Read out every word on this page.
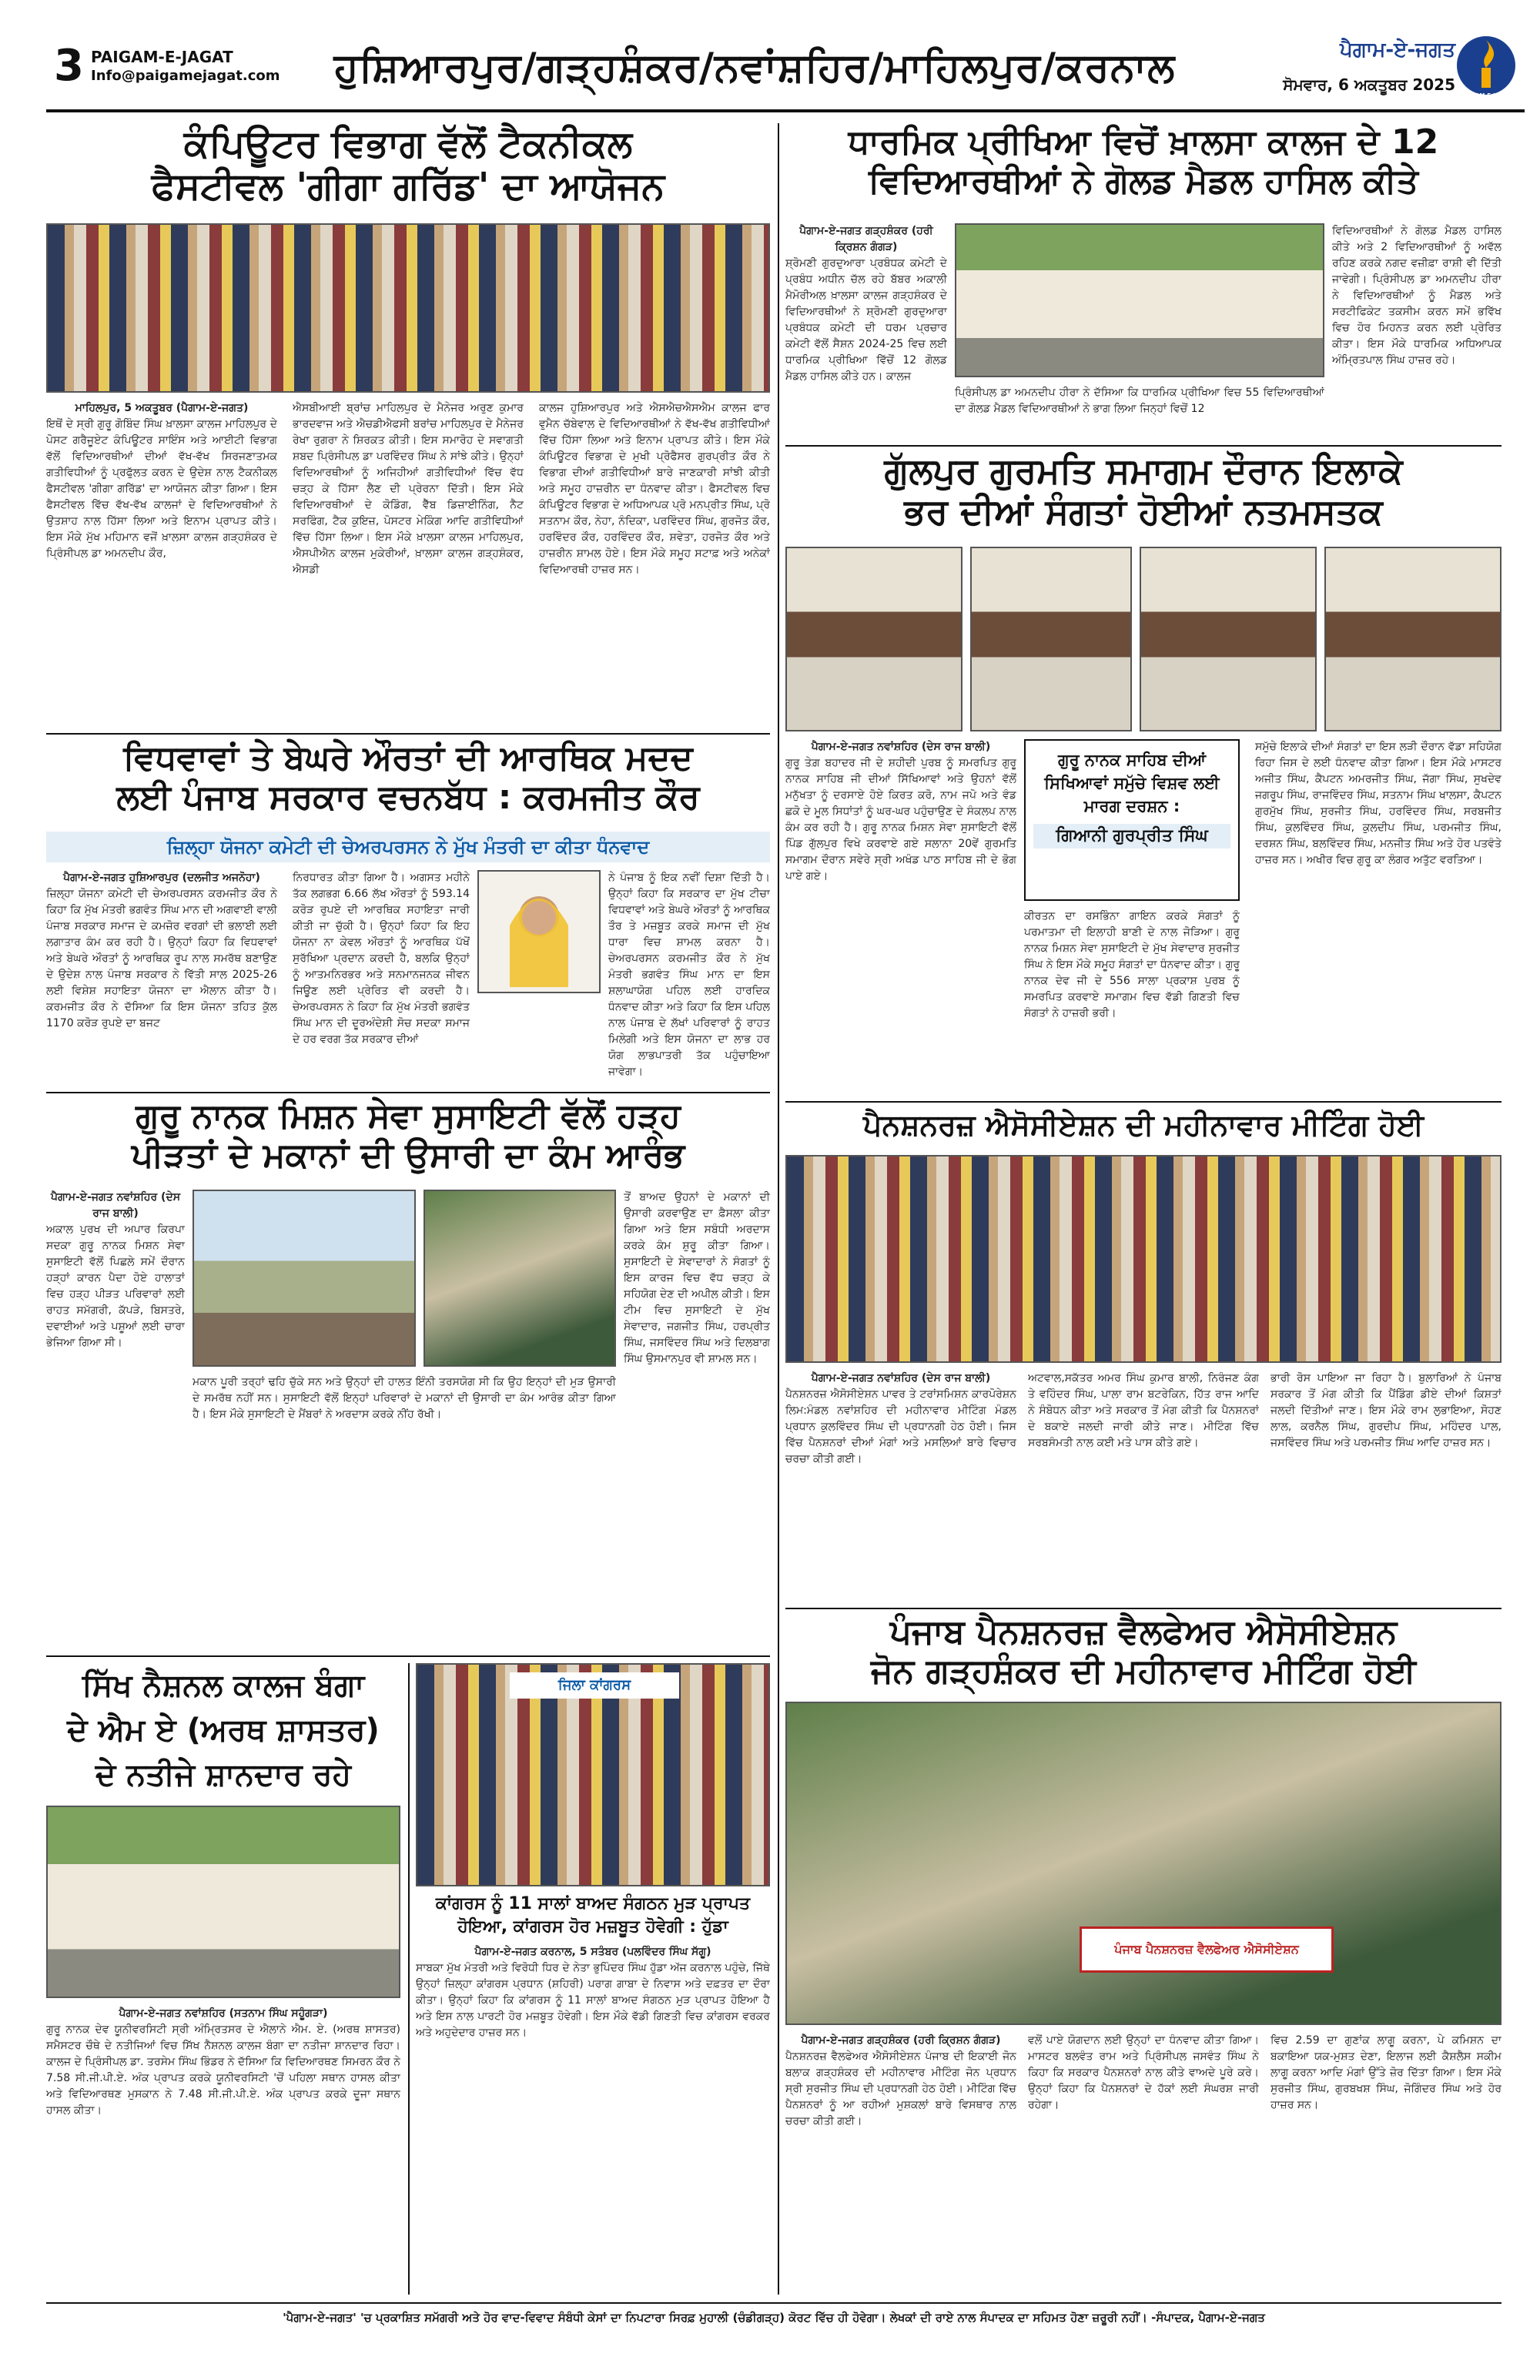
3 PAIGAM-E-JAGAT
Info@paigamejagat.com	ਹੁਸ਼ਿਆਰਪੁਰ/ਗੜ੍ਹਸ਼ੰਕਰ/ਨਵਾਂਸ਼ਹਿਰ/ਮਾਹਿਲਪੁਰ/ਕਰਨਾਲ	ਪੈਗਾਮ-ਏ-ਜਗਤ
ਸੋਮਵਾਰ, 6 ਅਕਤੂਬਰ 2025
PAIGAM-E-JAGAT
ਕੰਪਿਊਟਰ ਵਿਭਾਗ ਵੱਲੋਂ ਟੈਕਨੀਕਲ
ਫੈਸਟੀਵਲ 'ਗੀਗਾ ਗਰਿੱਡ' ਦਾ ਆਯੋਜਨ
ਮਾਹਿਲਪੁਰ, 5 ਅਕਤੂਬਰ (ਪੈਗਾਮ-ਏ-ਜਗਤ)
ਇਥੋਂ ਦੇ ਸ੍ਰੀ ਗੁਰੂ ਗੋਬਿੰਦ ਸਿੰਘ ਖ਼ਾਲਸਾ ਕਾਲਜ ਮਾਹਿਲਪੁਰ ਦੇ ਪੋਸਟ ਗਰੈਜੂਏਟ ਕੰਪਿਊਟਰ ਸਾਇੰਸ ਅਤੇ ਆਈਟੀ ਵਿਭਾਗ ਵੱਲੋਂ ਵਿਦਿਆਰਥੀਆਂ ਦੀਆਂ ਵੱਖ-ਵੱਖ ਸਿਰਜਣਾਤਮਕ ਗਤੀਵਿਧੀਆਂ ਨੂੰ ਪ੍ਰਫੁੱਲਤ ਕਰਨ ਦੇ ਉਦੇਸ਼ ਨਾਲ ਟੈਕਨੀਕਲ ਫੈਸਟੀਵਲ 'ਗੀਗਾ ਗਰਿੱਡ' ਦਾ ਆਯੋਜਨ ਕੀਤਾ ਗਿਆ। ਇਸ ਫੈਸਟੀਵਲ ਵਿੱਚ ਵੱਖ-ਵੱਖ ਕਾਲਜਾਂ ਦੇ ਵਿਦਿਆਰਥੀਆਂ ਨੇ ਉਤਸ਼ਾਹ ਨਾਲ ਹਿੱਸਾ ਲਿਆ ਅਤੇ ਇਨਾਮ ਪ੍ਰਾਪਤ ਕੀਤੇ। ਇਸ ਮੌਕੇ ਮੁੱਖ ਮਹਿਮਾਨ ਵਜੋਂ ਖ਼ਾਲਸਾ ਕਾਲਜ ਗੜ੍ਹਸ਼ੰਕਰ ਦੇ ਪ੍ਰਿੰਸੀਪਲ ਡਾ ਅਮਨਦੀਪ ਕੌਰ,
ਐਸਬੀਆਈ ਬ੍ਰਾਂਚ ਮਾਹਿਲਪੁਰ ਦੇ ਮੈਨੇਜਰ ਅਰੁਣ ਕੁਮਾਰ ਭਾਰਦਵਾਜ ਅਤੇ ਐਚਡੀਐਫਸੀ ਬਰਾਂਚ ਮਾਹਿਲਪੁਰ ਦੇ ਮੈਨੇਜਰ ਰੇਖਾ ਰੁਗਰਾ ਨੇ ਸ਼ਿਰਕਤ ਕੀਤੀ। ਇਸ ਸਮਾਰੋਹ ਦੇ ਸਵਾਗਤੀ ਸ਼ਬਦ ਪ੍ਰਿੰਸੀਪਲ ਡਾ ਪਰਵਿੰਦਰ ਸਿੰਘ ਨੇ ਸਾਂਝੇ ਕੀਤੇ। ਉਨ੍ਹਾਂ ਵਿਦਿਆਰਥੀਆਂ ਨੂੰ ਅਜਿਹੀਆਂ ਗਤੀਵਿਧੀਆਂ ਵਿੱਚ ਵੱਧ ਚੜ੍ਹ ਕੇ ਹਿੱਸਾ ਲੈਣ ਦੀ ਪ੍ਰੇਰਨਾ ਦਿੱਤੀ। ਇਸ ਮੌਕੇ ਵਿਦਿਆਰਥੀਆਂ ਦੇ ਕੋਡਿੰਗ, ਵੈੱਬ ਡਿਜ਼ਾਈਨਿੰਗ, ਨੈਟ ਸਰਫਿੰਗ, ਟੈਕ ਕੁਇਜ਼, ਪੋਸਟਰ ਮੇਕਿੰਗ ਆਦਿ ਗਤੀਵਿਧੀਆਂ ਵਿੱਚ ਹਿੱਸਾ ਲਿਆ। ਇਸ ਮੌਕੇ ਖ਼ਾਲਸਾ ਕਾਲਜ ਮਾਹਿਲਪੁਰ, ਐਸਪੀਐਨ ਕਾਲਜ ਮੁਕੇਰੀਆਂ, ਖ਼ਾਲਸਾ ਕਾਲਜ ਗੜ੍ਹਸ਼ੰਕਰ, ਐਸਡੀ
ਕਾਲਜ ਹੁਸ਼ਿਆਰਪੁਰ ਅਤੇ ਐਸਐਚਐਸਐਮ ਕਾਲਜ ਫਾਰ ਵੁਮੈਨ ਚੱਬੇਵਾਲ ਦੇ ਵਿਦਿਆਰਥੀਆਂ ਨੇ ਵੱਖ-ਵੱਖ ਗਤੀਵਿਧੀਆਂ ਵਿੱਚ ਹਿੱਸਾ ਲਿਆ ਅਤੇ ਇਨਾਮ ਪ੍ਰਾਪਤ ਕੀਤੇ। ਇਸ ਮੌਕੇ ਕੰਪਿਊਟਰ ਵਿਭਾਗ ਦੇ ਮੁਖੀ ਪ੍ਰੋਫੈਸਰ ਗੁਰਪ੍ਰੀਤ ਕੌਰ ਨੇ ਵਿਭਾਗ ਦੀਆਂ ਗਤੀਵਿਧੀਆਂ ਬਾਰੇ ਜਾਣਕਾਰੀ ਸਾਂਝੀ ਕੀਤੀ ਅਤੇ ਸਮੂਹ ਹਾਜ਼ਰੀਨ ਦਾ ਧੰਨਵਾਦ ਕੀਤਾ। ਫੈਸਟੀਵਲ ਵਿਚ ਕੰਪਿਊਟਰ ਵਿਭਾਗ ਦੇ ਅਧਿਆਪਕ ਪ੍ਰੋ ਮਨਪ੍ਰੀਤ ਸਿੰਘ, ਪ੍ਰੋ ਸਤਨਾਮ ਕੌਰ, ਨੇਹਾ, ਨੰਦਿਕਾ, ਪਰਵਿੰਦਰ ਸਿੰਘ, ਗੁਰਜੋਤ ਕੌਰ, ਹਰਵਿੰਦਰ ਕੌਰ, ਹਰਵਿੰਦਰ ਕੌਰ, ਸ਼ਵੇਤਾ, ਹਰਜੋਤ ਕੌਰ ਅਤੇ ਹਾਜ਼ਰੀਨ ਸ਼ਾਮਲ ਹੋਏ। ਇਸ ਮੌਕੇ ਸਮੂਹ ਸਟਾਫ਼ ਅਤੇ ਅਨੇਕਾਂ ਵਿਦਿਆਰਥੀ ਹਾਜ਼ਰ ਸਨ।
ਧਾਰਮਿਕ ਪ੍ਰੀਖਿਆ ਵਿਚੋਂ ਖ਼ਾਲਸਾ ਕਾਲਜ ਦੇ 12
ਵਿਦਿਆਰਥੀਆਂ ਨੇ ਗੋਲਡ ਮੈਡਲ ਹਾਸਿਲ ਕੀਤੇ
ਪੈਗਾਮ-ਏ-ਜਗਤ ਗੜ੍ਹਸ਼ੰਕਰ (ਹਰੀ ਕ੍ਰਿਸ਼ਨ ਗੰਗੜ)
ਸ਼੍ਰੋਮਣੀ ਗੁਰਦੁਆਰਾ ਪ੍ਰਬੰਧਕ ਕਮੇਟੀ ਦੇ ਪ੍ਰਬੰਧ ਅਧੀਨ ਚੱਲ ਰਹੇ ਬੱਬਰ ਅਕਾਲੀ ਮੈਮੋਰੀਅਲ ਖ਼ਾਲਸਾ ਕਾਲਜ ਗੜ੍ਹਸ਼ੰਕਰ ਦੇ ਵਿਦਿਆਰਥੀਆਂ ਨੇ ਸ਼੍ਰੋਮਣੀ ਗੁਰਦੁਆਰਾ ਪ੍ਰਬੰਧਕ ਕਮੇਟੀ ਦੀ ਧਰਮ ਪ੍ਰਚਾਰ ਕਮੇਟੀ ਵੱਲੋਂ ਸੈਸ਼ਨ 2024-25 ਵਿਚ ਲਈ ਧਾਰਮਿਕ ਪ੍ਰੀਖਿਆ ਵਿੱਚੋਂ 12 ਗੋਲਡ ਮੈਡਲ ਹਾਸਿਲ ਕੀਤੇ ਹਨ। ਕਾਲਜ
ਪ੍ਰਿੰਸੀਪਲ ਡਾ ਅਮਨਦੀਪ ਹੀਰਾ ਨੇ ਦੱਸਿਆ ਕਿ ਧਾਰਮਿਕ ਪ੍ਰੀਖਿਆ ਵਿਚ 55 ਵਿਦਿਆਰਥੀਆਂ ਦਾ ਗੋਲਡ ਮੈਡਲ ਵਿਦਿਆਰਥੀਆਂ ਨੇ ਭਾਗ ਲਿਆ ਜਿਨ੍ਹਾਂ ਵਿਚੋਂ 12
ਵਿਦਿਆਰਥੀਆਂ ਨੇ ਗੋਲਡ ਮੈਡਲ ਹਾਸਿਲ ਕੀਤੇ ਅਤੇ 2 ਵਿਦਿਆਰਥੀਆਂ ਨੂੰ ਅਵੱਲ ਰਹਿਣ ਕਰਕੇ ਨਗਦ ਵਜ਼ੀਫ਼ਾ ਰਾਸ਼ੀ ਵੀ ਦਿੱਤੀ ਜਾਵੇਗੀ। ਪ੍ਰਿੰਸੀਪਲ ਡਾ ਅਮਨਦੀਪ ਹੀਰਾ ਨੇ ਵਿਦਿਆਰਥੀਆਂ ਨੂੰ ਮੈਡਲ ਅਤੇ ਸਰਟੀਫਿਕੇਟ ਤਕਸੀਮ ਕਰਨ ਸਮੇਂ ਭਵਿੱਖ ਵਿਚ ਹੋਰ ਮਿਹਨਤ ਕਰਨ ਲਈ ਪ੍ਰੇਰਿਤ ਕੀਤਾ। ਇਸ ਮੌਕੇ ਧਾਰਮਿਕ ਅਧਿਆਪਕ ਅੰਮ੍ਰਿਤਪਾਲ ਸਿੰਘ ਹਾਜ਼ਰ ਰਹੇ।
ਗੁੱਲਪੁਰ ਗੁਰਮਤਿ ਸਮਾਗਮ ਦੌਰਾਨ ਇਲਾਕੇ
ਭਰ ਦੀਆਂ ਸੰਗਤਾਂ ਹੋਈਆਂ ਨਤਮਸਤਕ
ਪੈਗਾਮ-ਏ-ਜਗਤ ਨਵਾਂਸ਼ਹਿਰ (ਦੇਸ ਰਾਜ ਬਾਲੀ)
ਗੁਰੂ ਤੇਗ਼ ਬਹਾਦਰ ਜੀ ਦੇ ਸ਼ਹੀਦੀ ਪੁਰਬ ਨੂੰ ਸਮਰਪਿਤ ਗੁਰੂ ਨਾਨਕ ਸਾਹਿਬ ਜੀ ਦੀਆਂ ਸਿੱਖਿਆਵਾਂ ਅਤੇ ਉਹਨਾਂ ਵੱਲੋਂ ਮਨੁੱਖਤਾ ਨੂੰ ਦਰਸਾਏ ਹੋਏ ਕਿਰਤ ਕਰੋ, ਨਾਮ ਜਪੋ ਅਤੇ ਵੰਡ ਛਕੋ ਦੇ ਮੂਲ ਸਿਧਾਂਤਾਂ ਨੂੰ ਘਰ-ਘਰ ਪਹੁੰਚਾਉਣ ਦੇ ਸੰਕਲਪ ਨਾਲ ਕੰਮ ਕਰ ਰਹੀ ਹੈ। ਗੁਰੂ ਨਾਨਕ ਮਿਸ਼ਨ ਸੇਵਾ ਸੁਸਾਇਟੀ ਵੱਲੋਂ ਪਿੰਡ ਗੁੱਲਪੁਰ ਵਿਖੇ ਕਰਵਾਏ ਗਏ ਸਲਾਨਾ 20ਵੇਂ ਗੁਰਮਤਿ ਸਮਾਗਮ ਦੌਰਾਨ ਸਵੇਰੇ ਸ੍ਰੀ ਅਖੰਡ ਪਾਠ ਸਾਹਿਬ ਜੀ ਦੇ ਭੋਗ ਪਾਏ ਗਏ।
ਗੁਰੂ ਨਾਨਕ ਸਾਹਿਬ ਦੀਆਂ ਸਿਖਿਆਵਾਂ ਸਮੁੱਚੇ ਵਿਸ਼ਵ ਲਈ ਮਾਰਗ ਦਰਸ਼ਨ :
ਗਿਆਨੀ ਗੁਰਪ੍ਰੀਤ ਸਿੰਘ
ਕੀਰਤਨ ਦਾ ਰਸਭਿੰਨਾ ਗਾਇਨ ਕਰਕੇ ਸੰਗਤਾਂ ਨੂੰ ਪਰਮਾਤਮਾ ਦੀ ਇਲਾਹੀ ਬਾਣੀ ਦੇ ਨਾਲ ਜੋੜਿਆ। ਗੁਰੂ ਨਾਨਕ ਮਿਸ਼ਨ ਸੇਵਾ ਸੁਸਾਇਟੀ ਦੇ ਮੁੱਖ ਸੇਵਾਦਾਰ ਸੁਰਜੀਤ ਸਿੰਘ ਨੇ ਇਸ ਮੌਕੇ ਸਮੂਹ ਸੰਗਤਾਂ ਦਾ ਧੰਨਵਾਦ ਕੀਤਾ। ਗੁਰੂ ਨਾਨਕ ਦੇਵ ਜੀ ਦੇ 556 ਸਾਲਾ ਪ੍ਰਕਾਸ਼ ਪੁਰਬ ਨੂੰ ਸਮਰਪਿਤ ਕਰਵਾਏ ਸਮਾਗਮ ਵਿਚ ਵੱਡੀ ਗਿਣਤੀ ਵਿਚ ਸੰਗਤਾਂ ਨੇ ਹਾਜ਼ਰੀ ਭਰੀ।
ਸਮੁੱਚੇ ਇਲਾਕੇ ਦੀਆਂ ਸੰਗਤਾਂ ਦਾ ਇਸ ਲੜੀ ਦੌਰਾਨ ਵੱਡਾ ਸਹਿਯੋਗ ਰਿਹਾ ਜਿਸ ਦੇ ਲਈ ਧੰਨਵਾਦ ਕੀਤਾ ਗਿਆ। ਇਸ ਮੌਕੇ ਮਾਸਟਰ ਅਜੀਤ ਸਿੰਘ, ਕੈਪਟਨ ਅਮਰਜੀਤ ਸਿੰਘ, ਜੱਗਾ ਸਿੰਘ, ਸੁਖਦੇਵ ਜਗਰੂਪ ਸਿੰਘ, ਰਾਜਵਿੰਦਰ ਸਿੰਘ, ਸਤਨਾਮ ਸਿੰਘ ਖਾਲਸਾ, ਕੈਪਟਨ ਗੁਰਮੁੱਖ ਸਿੰਘ, ਸੁਰਜੀਤ ਸਿੰਘ, ਹਰਵਿੰਦਰ ਸਿੰਘ, ਸਰਬਜੀਤ ਸਿੰਘ, ਕੁਲਵਿੰਦਰ ਸਿੰਘ, ਕੁਲਦੀਪ ਸਿੰਘ, ਪਰਮਜੀਤ ਸਿੰਘ, ਦਰਸ਼ਨ ਸਿੰਘ, ਬਲਵਿੰਦਰ ਸਿੰਘ, ਮਨਜੀਤ ਸਿੰਘ ਅਤੇ ਹੋਰ ਪਤਵੰਤੇ ਹਾਜ਼ਰ ਸਨ। ਅਖੀਰ ਵਿਚ ਗੁਰੂ ਕਾ ਲੰਗਰ ਅਤੁੱਟ ਵਰਤਿਆ।
ਵਿਧਵਾਵਾਂ ਤੇ ਬੇਘਰੇ ਔਰਤਾਂ ਦੀ ਆਰਥਿਕ ਮਦਦ
ਲਈ ਪੰਜਾਬ ਸਰਕਾਰ ਵਚਨਬੱਧ : ਕਰਮਜੀਤ ਕੌਰ
ਜ਼ਿਲ੍ਹਾ ਯੋਜਨਾ ਕਮੇਟੀ ਦੀ ਚੇਅਰਪਰਸਨ ਨੇ ਮੁੱਖ ਮੰਤਰੀ ਦਾ ਕੀਤਾ ਧੰਨਵਾਦ
ਪੈਗਾਮ-ਏ-ਜਗਤ ਹੁਸ਼ਿਆਰਪੁਰ (ਦਲਜੀਤ ਅਜਨੋਹਾ)
ਜ਼ਿਲ੍ਹਾ ਯੋਜਨਾ ਕਮੇਟੀ ਦੀ ਚੇਅਰਪਰਸਨ ਕਰਮਜੀਤ ਕੌਰ ਨੇ ਕਿਹਾ ਕਿ ਮੁੱਖ ਮੰਤਰੀ ਭਗਵੰਤ ਸਿੰਘ ਮਾਨ ਦੀ ਅਗਵਾਈ ਵਾਲੀ ਪੰਜਾਬ ਸਰਕਾਰ ਸਮਾਜ ਦੇ ਕਮਜ਼ੋਰ ਵਰਗਾਂ ਦੀ ਭਲਾਈ ਲਈ ਲਗਾਤਾਰ ਕੰਮ ਕਰ ਰਹੀ ਹੈ। ਉਨ੍ਹਾਂ ਕਿਹਾ ਕਿ ਵਿਧਵਾਵਾਂ ਅਤੇ ਬੇਘਰੇ ਔਰਤਾਂ ਨੂੰ ਆਰਥਿਕ ਰੂਪ ਨਾਲ ਸਮਰੱਥ ਬਣਾਉਣ ਦੇ ਉਦੇਸ਼ ਨਾਲ ਪੰਜਾਬ ਸਰਕਾਰ ਨੇ ਵਿੱਤੀ ਸਾਲ 2025-26 ਲਈ ਵਿਸ਼ੇਸ਼ ਸਹਾਇਤਾ ਯੋਜਨਾ ਦਾ ਐਲਾਨ ਕੀਤਾ ਹੈ। ਕਰਮਜੀਤ ਕੌਰ ਨੇ ਦੱਸਿਆ ਕਿ ਇਸ ਯੋਜਨਾ ਤਹਿਤ ਕੁੱਲ 1170 ਕਰੋੜ ਰੁਪਏ ਦਾ ਬਜਟ
ਨਿਰਧਾਰਤ ਕੀਤਾ ਗਿਆ ਹੈ। ਅਗਸਤ ਮਹੀਨੇ ਤੱਕ ਲਗਭਗ 6.66 ਲੱਖ ਔਰਤਾਂ ਨੂੰ 593.14 ਕਰੋੜ ਰੁਪਏ ਦੀ ਆਰਥਿਕ ਸਹਾਇਤਾ ਜਾਰੀ ਕੀਤੀ ਜਾ ਚੁੱਕੀ ਹੈ। ਉਨ੍ਹਾਂ ਕਿਹਾ ਕਿ ਇਹ ਯੋਜਨਾ ਨਾ ਕੇਵਲ ਔਰਤਾਂ ਨੂੰ ਆਰਥਿਕ ਪੱਖੋਂ ਸੁਰੱਖਿਆ ਪ੍ਰਦਾਨ ਕਰਦੀ ਹੈ, ਬਲਕਿ ਉਨ੍ਹਾਂ ਨੂੰ ਆਤਮਨਿਰਭਰ ਅਤੇ ਸਨਮਾਨਜਨਕ ਜੀਵਨ ਜਿਊਣ ਲਈ ਪ੍ਰੇਰਿਤ ਵੀ ਕਰਦੀ ਹੈ। ਚੇਅਰਪਰਸਨ ਨੇ ਕਿਹਾ ਕਿ ਮੁੱਖ ਮੰਤਰੀ ਭਗਵੰਤ ਸਿੰਘ ਮਾਨ ਦੀ ਦੂਰਅੰਦੇਸ਼ੀ ਸੋਚ ਸਦਕਾ ਸਮਾਜ ਦੇ ਹਰ ਵਰਗ ਤੱਕ ਸਰਕਾਰ ਦੀਆਂ
ਨੇ ਪੰਜਾਬ ਨੂੰ ਇਕ ਨਵੀਂ ਦਿਸ਼ਾ ਦਿੱਤੀ ਹੈ। ਉਨ੍ਹਾਂ ਕਿਹਾ ਕਿ ਸਰਕਾਰ ਦਾ ਮੁੱਖ ਟੀਚਾ ਵਿਧਵਾਵਾਂ ਅਤੇ ਬੇਘਰੇ ਔਰਤਾਂ ਨੂੰ ਆਰਥਿਕ ਤੌਰ ਤੇ ਮਜ਼ਬੂਤ ਕਰਕੇ ਸਮਾਜ ਦੀ ਮੁੱਖ ਧਾਰਾ ਵਿਚ ਸ਼ਾਮਲ ਕਰਨਾ ਹੈ। ਚੇਅਰਪਰਸਨ ਕਰਮਜੀਤ ਕੌਰ ਨੇ ਮੁੱਖ ਮੰਤਰੀ ਭਗਵੰਤ ਸਿੰਘ ਮਾਨ ਦਾ ਇਸ ਸ਼ਲਾਘਾਯੋਗ ਪਹਿਲ ਲਈ ਹਾਰਦਿਕ ਧੰਨਵਾਦ ਕੀਤਾ ਅਤੇ ਕਿਹਾ ਕਿ ਇਸ ਪਹਿਲ ਨਾਲ ਪੰਜਾਬ ਦੇ ਲੱਖਾਂ ਪਰਿਵਾਰਾਂ ਨੂੰ ਰਾਹਤ ਮਿਲੇਗੀ ਅਤੇ ਇਸ ਯੋਜਨਾ ਦਾ ਲਾਭ ਹਰ ਯੋਗ ਲਾਭਪਾਤਰੀ ਤੱਕ ਪਹੁੰਚਾਇਆ ਜਾਵੇਗਾ।
ਗੁਰੂ ਨਾਨਕ ਮਿਸ਼ਨ ਸੇਵਾ ਸੁਸਾਇਟੀ ਵੱਲੋਂ ਹੜ੍ਹ
ਪੀੜਤਾਂ ਦੇ ਮਕਾਨਾਂ ਦੀ ਉਸਾਰੀ ਦਾ ਕੰਮ ਆਰੰਭ
ਪੈਗਾਮ-ਏ-ਜਗਤ ਨਵਾਂਸ਼ਹਿਰ (ਦੇਸ ਰਾਜ ਬਾਲੀ)
ਅਕਾਲ ਪੁਰਖ ਦੀ ਅਪਾਰ ਕਿਰਪਾ ਸਦਕਾ ਗੁਰੂ ਨਾਨਕ ਮਿਸ਼ਨ ਸੇਵਾ ਸੁਸਾਇਟੀ ਵੱਲੋਂ ਪਿਛਲੇ ਸਮੇਂ ਦੌਰਾਨ ਹੜ੍ਹਾਂ ਕਾਰਨ ਪੈਦਾ ਹੋਏ ਹਾਲਾਤਾਂ ਵਿਚ ਹੜ੍ਹ ਪੀੜਤ ਪਰਿਵਾਰਾਂ ਲਈ ਰਾਹਤ ਸਮੱਗਰੀ, ਕੱਪੜੇ, ਬਿਸਤਰੇ, ਦਵਾਈਆਂ ਅਤੇ ਪਸ਼ੂਆਂ ਲਈ ਚਾਰਾ ਭੇਜਿਆ ਗਿਆ ਸੀ।
ਮਕਾਨ ਪੂਰੀ ਤਰ੍ਹਾਂ ਢਹਿ ਚੁੱਕੇ ਸਨ ਅਤੇ ਉਨ੍ਹਾਂ ਦੀ ਹਾਲਤ ਇੰਨੀ ਤਰਸਯੋਗ ਸੀ ਕਿ ਉਹ ਇਨ੍ਹਾਂ ਦੀ ਮੁੜ ਉਸਾਰੀ ਦੇ ਸਮਰੱਥ ਨਹੀਂ ਸਨ। ਸੁਸਾਇਟੀ ਵੱਲੋਂ ਇਨ੍ਹਾਂ ਪਰਿਵਾਰਾਂ ਦੇ ਮਕਾਨਾਂ ਦੀ ਉਸਾਰੀ ਦਾ ਕੰਮ ਆਰੰਭ ਕੀਤਾ ਗਿਆ ਹੈ। ਇਸ ਮੌਕੇ ਸੁਸਾਇਟੀ ਦੇ ਮੈਂਬਰਾਂ ਨੇ ਅਰਦਾਸ ਕਰਕੇ ਨੀਂਹ ਰੱਖੀ।
ਤੋਂ ਬਾਅਦ ਉਹਨਾਂ ਦੇ ਮਕਾਨਾਂ ਦੀ ਉਸਾਰੀ ਕਰਵਾਉਣ ਦਾ ਫ਼ੈਸਲਾ ਕੀਤਾ ਗਿਆ ਅਤੇ ਇਸ ਸਬੰਧੀ ਅਰਦਾਸ ਕਰਕੇ ਕੰਮ ਸ਼ੁਰੂ ਕੀਤਾ ਗਿਆ। ਸੁਸਾਇਟੀ ਦੇ ਸੇਵਾਦਾਰਾਂ ਨੇ ਸੰਗਤਾਂ ਨੂੰ ਇਸ ਕਾਰਜ ਵਿਚ ਵੱਧ ਚੜ੍ਹ ਕੇ ਸਹਿਯੋਗ ਦੇਣ ਦੀ ਅਪੀਲ ਕੀਤੀ। ਇਸ ਟੀਮ ਵਿਚ ਸੁਸਾਇਟੀ ਦੇ ਮੁੱਖ ਸੇਵਾਦਾਰ, ਜਗਜੀਤ ਸਿੰਘ, ਹਰਪ੍ਰੀਤ ਸਿੰਘ, ਜਸਵਿੰਦਰ ਸਿੰਘ ਅਤੇ ਦਿਲਬਾਗ ਸਿੰਘ ਉਸਮਾਨਪੁਰ ਵੀ ਸ਼ਾਮਲ ਸਨ।
ਸਿੱਖ ਨੈਸ਼ਨਲ ਕਾਲਜ ਬੰਗਾ
ਦੇ ਐਮ ਏ (ਅਰਥ ਸ਼ਾਸਤਰ)
ਦੇ ਨਤੀਜੇ ਸ਼ਾਨਦਾਰ ਰਹੇ
ਪੈਗਾਮ-ਏ-ਜਗਤ ਨਵਾਂਸ਼ਹਿਰ (ਸਤਨਾਮ ਸਿੰਘ ਸਹੂੰਗੜਾ)
ਗੁਰੂ ਨਾਨਕ ਦੇਵ ਯੂਨੀਵਰਸਿਟੀ ਸ੍ਰੀ ਅੰਮ੍ਰਿਤਸਰ ਦੇ ਐਲਾਨੇ ਐਮ. ਏ. (ਅਰਥ ਸ਼ਾਸਤਰ) ਸਮੈਸਟਰ ਚੌਥੇ ਦੇ ਨਤੀਜਿਆਂ ਵਿਚ ਸਿੱਖ ਨੈਸ਼ਨਲ ਕਾਲਜ ਬੰਗਾ ਦਾ ਨਤੀਜਾ ਸ਼ਾਨਦਾਰ ਰਿਹਾ। ਕਾਲਜ ਦੇ ਪ੍ਰਿੰਸੀਪਲ ਡਾ. ਤਰਸੇਮ ਸਿੰਘ ਭਿੰਡਰ ਨੇ ਦੱਸਿਆ ਕਿ ਵਿਦਿਆਰਥਣ ਸਿਮਰਨ ਕੌਰ ਨੇ 7.58 ਸੀ.ਜੀ.ਪੀ.ਏ. ਅੰਕ ਪ੍ਰਾਪਤ ਕਰਕੇ ਯੂਨੀਵਰਸਿਟੀ 'ਚੋਂ ਪਹਿਲਾ ਸਥਾਨ ਹਾਸਲ ਕੀਤਾ ਅਤੇ ਵਿਦਿਆਰਥਣ ਮੁਸਕਾਨ ਨੇ 7.48 ਸੀ.ਜੀ.ਪੀ.ਏ. ਅੰਕ ਪ੍ਰਾਪਤ ਕਰਕੇ ਦੂਜਾ ਸਥਾਨ ਹਾਸਲ ਕੀਤਾ।
ਜਿਲਾ ਕਾਂਗਰਸ
ਕਾਂਗਰਸ ਨੂੰ 11 ਸਾਲਾਂ ਬਾਅਦ ਸੰਗਠਨ ਮੁੜ ਪ੍ਰਾਪਤ
ਹੋਇਆ, ਕਾਂਗਰਸ ਹੋਰ ਮਜ਼ਬੂਤ ਹੋਵੇਗੀ : ਹੁੱਡਾ
ਪੈਗਾਮ-ਏ-ਜਗਤ ਕਰਨਾਲ, 5 ਸਤੰਬਰ (ਪਲਵਿੰਦਰ ਸਿੰਘ ਸੱਗੂ)
ਸਾਬਕਾ ਮੁੱਖ ਮੰਤਰੀ ਅਤੇ ਵਿਰੋਧੀ ਧਿਰ ਦੇ ਨੇਤਾ ਭੁਪਿੰਦਰ ਸਿੰਘ ਹੁੱਡਾ ਅੱਜ ਕਰਨਾਲ ਪਹੁੰਚੇ, ਜਿੱਥੇ ਉਨ੍ਹਾਂ ਜ਼ਿਲ੍ਹਾ ਕਾਂਗਰਸ ਪ੍ਰਧਾਨ (ਸ਼ਹਿਰੀ) ਪਰਾਗ ਗਾਬਾ ਦੇ ਨਿਵਾਸ ਅਤੇ ਦਫ਼ਤਰ ਦਾ ਦੌਰਾ ਕੀਤਾ। ਉਨ੍ਹਾਂ ਕਿਹਾ ਕਿ ਕਾਂਗਰਸ ਨੂੰ 11 ਸਾਲਾਂ ਬਾਅਦ ਸੰਗਠਨ ਮੁੜ ਪ੍ਰਾਪਤ ਹੋਇਆ ਹੈ ਅਤੇ ਇਸ ਨਾਲ ਪਾਰਟੀ ਹੋਰ ਮਜ਼ਬੂਤ ਹੋਵੇਗੀ। ਇਸ ਮੌਕੇ ਵੱਡੀ ਗਿਣਤੀ ਵਿਚ ਕਾਂਗਰਸ ਵਰਕਰ ਅਤੇ ਅਹੁਦੇਦਾਰ ਹਾਜ਼ਰ ਸਨ।
ਪੈਨਸ਼ਨਰਜ਼ ਐਸੋਸੀਏਸ਼ਨ ਦੀ ਮਹੀਨਾਵਾਰ ਮੀਟਿੰਗ ਹੋਈ
ਪੈਗਾਮ-ਏ-ਜਗਤ ਨਵਾਂਸ਼ਹਿਰ (ਦੇਸ ਰਾਜ ਬਾਲੀ)
ਪੈਨਸ਼ਨਰਜ਼ ਐਸੋਸੀਏਸ਼ਨ ਪਾਵਰ ਤੇ ਟਰਾਂਸਮਿਸ਼ਨ ਕਾਰਪੋਰੇਸ਼ਨ ਲਿਮ:ਮੰਡਲ ਨਵਾਂਸ਼ਹਿਰ ਦੀ ਮਹੀਨਾਵਾਰ ਮੀਟਿੰਗ ਮੰਡਲ ਪ੍ਰਧਾਨ ਕੁਲਵਿੰਦਰ ਸਿੰਘ ਦੀ ਪ੍ਰਧਾਨਗੀ ਹੇਠ ਹੋਈ। ਜਿਸ ਵਿੱਚ ਪੈਨਸ਼ਨਰਾਂ ਦੀਆਂ ਮੰਗਾਂ ਅਤੇ ਮਸਲਿਆਂ ਬਾਰੇ ਵਿਚਾਰ ਚਰਚਾ ਕੀਤੀ ਗਈ।
ਅਟਵਾਲ,ਸਕੱਤਰ ਅਮਰ ਸਿੰਘ ਕੁਮਾਰ ਬਾਲੀ, ਨਿਰੰਜਣ ਕੰਗ ਤੇ ਵਹਿੰਦਰ ਸਿੰਘ, ਪਾਲਾ ਰਾਮ ਬਟਰੇਕਿਨ, ਹਿੱਤ ਰਾਜ ਆਦਿ ਨੇ ਸੰਬੋਧਨ ਕੀਤਾ ਅਤੇ ਸਰਕਾਰ ਤੋਂ ਮੰਗ ਕੀਤੀ ਕਿ ਪੈਨਸ਼ਨਰਾਂ ਦੇ ਬਕਾਏ ਜਲਦੀ ਜਾਰੀ ਕੀਤੇ ਜਾਣ। ਮੀਟਿੰਗ ਵਿੱਚ ਸਰਬਸੰਮਤੀ ਨਾਲ ਕਈ ਮਤੇ ਪਾਸ ਕੀਤੇ ਗਏ।
ਭਾਰੀ ਰੋਸ ਪਾਇਆ ਜਾ ਰਿਹਾ ਹੈ। ਬੁਲਾਰਿਆਂ ਨੇ ਪੰਜਾਬ ਸਰਕਾਰ ਤੋਂ ਮੰਗ ਕੀਤੀ ਕਿ ਪੈਂਡਿੰਗ ਡੀਏ ਦੀਆਂ ਕਿਸ਼ਤਾਂ ਜਲਦੀ ਦਿੱਤੀਆਂ ਜਾਣ। ਇਸ ਮੌਕੇ ਰਾਮ ਲੁਭਾਇਆ, ਸੋਹਣ ਲਾਲ, ਕਰਨੈਲ ਸਿੰਘ, ਗੁਰਦੀਪ ਸਿੰਘ, ਮਹਿੰਦਰ ਪਾਲ, ਜਸਵਿੰਦਰ ਸਿੰਘ ਅਤੇ ਪਰਮਜੀਤ ਸਿੰਘ ਆਦਿ ਹਾਜ਼ਰ ਸਨ।
ਪੰਜਾਬ ਪੈਨਸ਼ਨਰਜ਼ ਵੈਲਫੇਅਰ ਐਸੋਸੀਏਸ਼ਨ
ਜੋਨ ਗੜ੍ਹਸ਼ੰਕਰ ਦੀ ਮਹੀਨਾਵਾਰ ਮੀਟਿੰਗ ਹੋਈ
ਪੰਜਾਬ ਪੈਨਸ਼ਨਰਜ਼ ਵੈਲਫੇਅਰ ਐਸੋਸੀਏਸ਼ਨ
ਪੈਗਾਮ-ਏ-ਜਗਤ ਗੜ੍ਹਸ਼ੰਕਰ (ਹਰੀ ਕ੍ਰਿਸ਼ਨ ਗੰਗੜ)
ਪੈਨਸ਼ਨਰਜ਼ ਵੈਲਫੇਅਰ ਐਸੋਸੀਏਸ਼ਨ ਪੰਜਾਬ ਦੀ ਇਕਾਈ ਜੋਨ ਬਲਾਕ ਗੜ੍ਹਸ਼ੰਕਰ ਦੀ ਮਹੀਨਾਵਾਰ ਮੀਟਿੰਗ ਜੋਨ ਪ੍ਰਧਾਨ ਸ੍ਰੀ ਸੁਰਜੀਤ ਸਿੰਘ ਦੀ ਪ੍ਰਧਾਨਗੀ ਹੇਠ ਹੋਈ। ਮੀਟਿੰਗ ਵਿੱਚ ਪੈਨਸ਼ਨਰਾਂ ਨੂੰ ਆ ਰਹੀਆਂ ਮੁਸ਼ਕਲਾਂ ਬਾਰੇ ਵਿਸਥਾਰ ਨਾਲ ਚਰਚਾ ਕੀਤੀ ਗਈ।
ਵਲੋਂ ਪਾਏ ਯੋਗਦਾਨ ਲਈ ਉਨ੍ਹਾਂ ਦਾ ਧੰਨਵਾਦ ਕੀਤਾ ਗਿਆ। ਮਾਸਟਰ ਬਲਵੰਤ ਰਾਮ ਅਤੇ ਪ੍ਰਿੰਸੀਪਲ ਜਸਵੰਤ ਸਿੰਘ ਨੇ ਕਿਹਾ ਕਿ ਸਰਕਾਰ ਪੈਨਸ਼ਨਰਾਂ ਨਾਲ ਕੀਤੇ ਵਾਅਦੇ ਪੂਰੇ ਕਰੇ। ਉਨ੍ਹਾਂ ਕਿਹਾ ਕਿ ਪੈਨਸ਼ਨਰਾਂ ਦੇ ਹੱਕਾਂ ਲਈ ਸੰਘਰਸ਼ ਜਾਰੀ ਰਹੇਗਾ।
ਵਿਚ 2.59 ਦਾ ਗੁਣਾਂਕ ਲਾਗੂ ਕਰਨਾ, ਪੇ ਕਮਿਸ਼ਨ ਦਾ ਬਕਾਇਆ ਯਕ-ਮੁਸ਼ਤ ਦੇਣਾ, ਇਲਾਜ ਲਈ ਕੈਸ਼ਲੈਸ ਸਕੀਮ ਲਾਗੂ ਕਰਨਾ ਆਦਿ ਮੰਗਾਂ ਉੱਤੇ ਜ਼ੋਰ ਦਿੱਤਾ ਗਿਆ। ਇਸ ਮੌਕੇ ਸੁਰਜੀਤ ਸਿੰਘ, ਗੁਰਬਖਸ਼ ਸਿੰਘ, ਜੋਗਿੰਦਰ ਸਿੰਘ ਅਤੇ ਹੋਰ ਹਾਜ਼ਰ ਸਨ।
'ਪੈਗਾਮ-ਏ-ਜਗਤ' 'ਚ ਪ੍ਰਕਾਸ਼ਿਤ ਸਮੱਗਰੀ ਅਤੇ ਹੋਰ ਵਾਦ-ਵਿਵਾਦ ਸੰਬੰਧੀ ਕੇਸਾਂ ਦਾ ਨਿਪਟਾਰਾ ਸਿਰਫ਼ ਮੁਹਾਲੀ (ਚੰਡੀਗੜ੍ਹ) ਕੋਰਟ ਵਿੱਚ ਹੀ ਹੋਵੇਗਾ। ਲੇਖਕਾਂ ਦੀ ਰਾਏ ਨਾਲ ਸੰਪਾਦਕ ਦਾ ਸਹਿਮਤ ਹੋਣਾ ਜ਼ਰੂਰੀ ਨਹੀਂ। -ਸੰਪਾਦਕ, ਪੈਗਾਮ-ਏ-ਜਗਤ
